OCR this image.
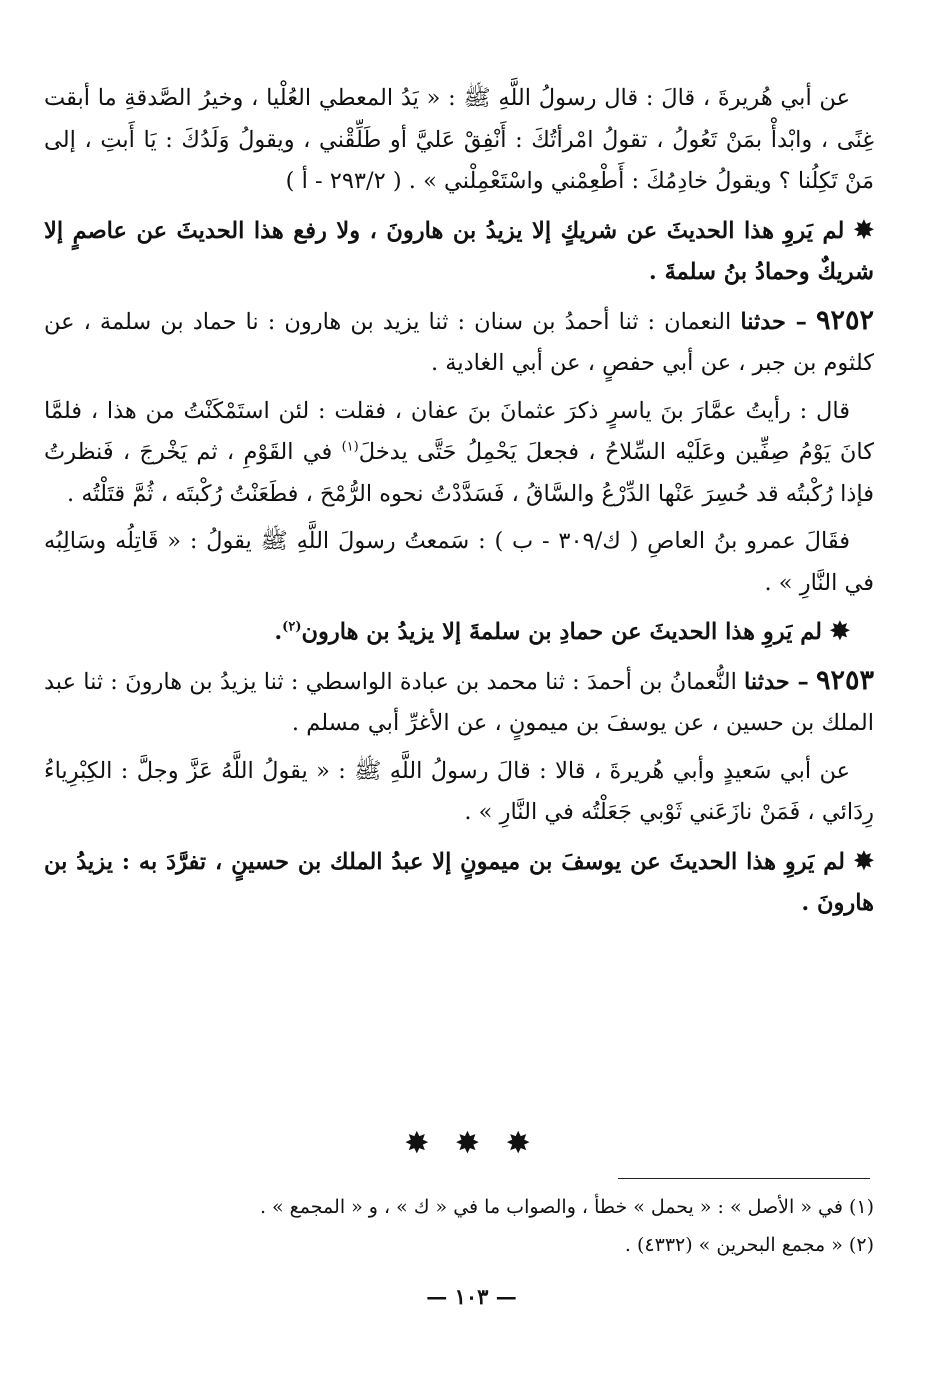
عن أبي هُريرةَ ، قالَ : قال رسولُ اللَّهِ ﷺ : « يَدُ المعطي العُلْيا ، وخيرُ الصَّدقةِ ما أبقت غِنًى ، وابْدأْ بمَنْ تَعُولُ ، تقولُ امْرأتُكَ : أَنْفِقْ عَليَّ أو طَلِّقْني ، ويقولُ وَلَدُكَ : يَا أَبتِ ، إلى مَنْ تَكِلُنا ؟ ويقولُ خادِمُكَ : أَطْعِمْني واسْتَعْمِلْني » . ( ٢٩٣/٢ - أ )

✸ لم يَروِ هذا الحديثَ عن شريكٍ إلا يزيدُ بن هارونَ ، ولا رفع هذا الحديثَ عن عاصمٍ إلا شريكٌ وحمادُ بنُ سلمةَ .

٩٢٥٢ – حدثنا النعمان : ثنا أحمدُ بن سنان : ثنا يزيد بن هارون : نا حماد بن سلمة ، عن كلثوم بن جبر ، عن أبي حفصٍ ، عن أبي الغادية .

قال : رأيتُ عمَّارَ بنَ ياسرٍ ذكرَ عثمانَ بنَ عفان ، فقلت : لئن استَمْكَنْتُ من هذا ، فلمَّا كانَ يَوْمُ صِفِّين وعَلَيْه السِّلاحُ ، فجعلَ يَحْمِلُ حَتَّى يدخلَ$^{(١)}$ في القَوْمِ ، ثم يَخْرجَ ، فَنظرتُ فإذا رُكْبتُه قد حُسِرَ عَنْها الدِّرْعُ والسَّاقُ ، فَسَدَّدْتُ نحوه الرُّمْحَ ، فطَعَنْتُ رُكْبتَه ، ثُمَّ قتَلْتُه .

فقَالَ عمرو بنُ العاصِ ( ك/٣٠٩ - ب ) : سَمعتُ رسولَ اللَّهِ ﷺ يقولُ : « قَاتِلُه وسَالِبُه في النَّارِ » .

✸ لم يَروِ هذا الحديثَ عن حمادِ بن سلمةَ إلا يزيدُ بن هارون$^{(٢)}$.

٩٢٥٣ – حدثنا النُّعمانُ بن أحمدَ : ثنا محمد بن عبادة الواسطي : ثنا يزيدُ بن هارونَ : ثنا عبد الملك بن حسين ، عن يوسفَ بن ميمونٍ ، عن الأغرِّ أبي مسلم .

عن أبي سَعيدٍ وأبي هُريرةَ ، قالا : قالَ رسولُ اللَّهِ ﷺ : « يقولُ اللَّهُ عَزَّ وجلَّ : الكِبْرِياءُ رِدَائي ، فَمَنْ نازَعَني ثَوْبي جَعَلْتُه في النَّارِ » .

✸ لم يَروِ هذا الحديثَ عن يوسفَ بن ميمونٍ إلا عبدُ الملك بن حسينٍ ، تفرَّدَ به : يزيدُ بن هارونَ .

✸ ✸ ✸

(١) في « الأصل » : « يحمل » خطأ ، والصواب ما في « ك » ، و « المجمع » .

(٢) « مجمع البحرين » (٤٣٣٢) .

— ١٠٣ —
